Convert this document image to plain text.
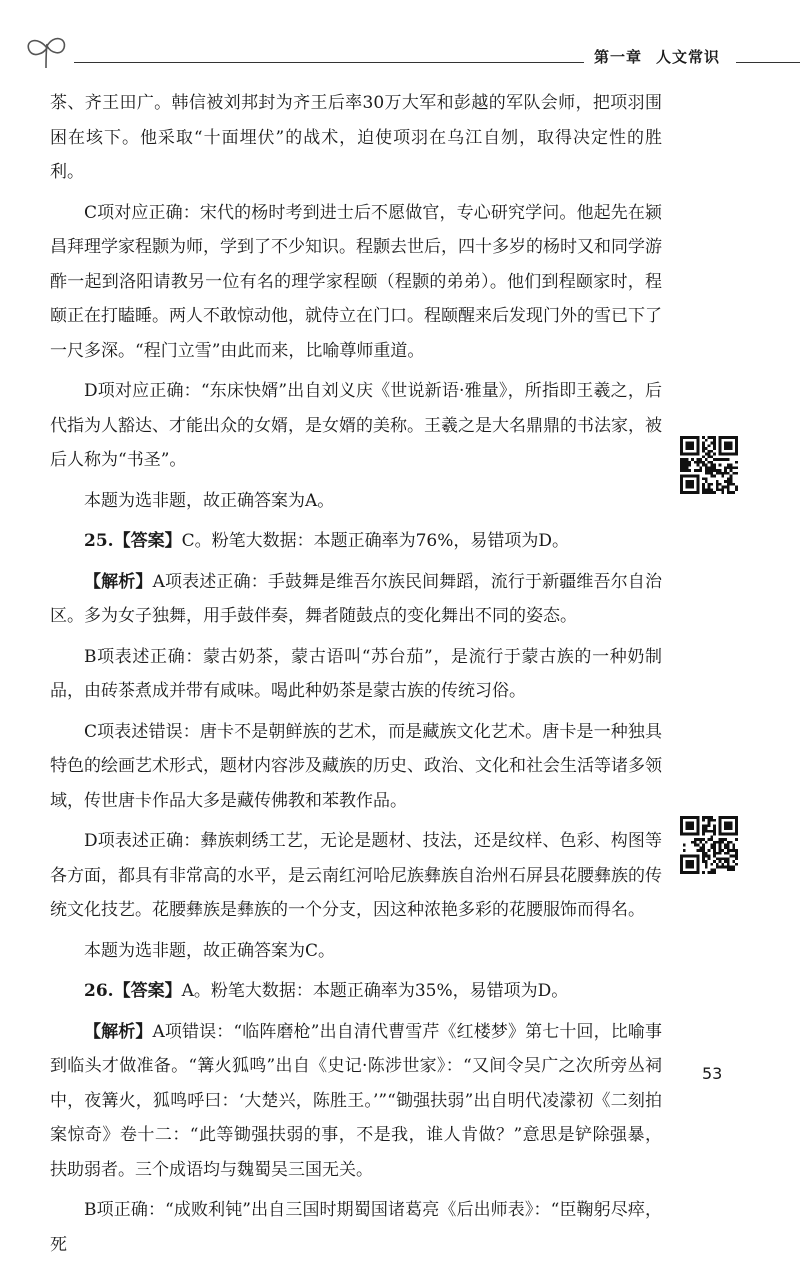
第一章 人文常识

茶、齐王田广。韩信被刘邦封为齐王后率30万大军和彭越的军队会师，把项羽围困在垓下。他采取“十面埋伏”的战术，迫使项羽在乌江自刎，取得决定性的胜利。

C项对应正确：宋代的杨时考到进士后不愿做官，专心研究学问。他起先在颍昌拜理学家程颢为师，学到了不少知识。程颢去世后，四十多岁的杨时又和同学游酢一起到洛阳请教另一位有名的理学家程颐（程颢的弟弟）。他们到程颐家时，程颐正在打瞌睡。两人不敢惊动他，就侍立在门口。程颐醒来后发现门外的雪已下了一尺多深。“程门立雪”由此而来，比喻尊师重道。

D项对应正确：“东床快婿”出自刘义庆《世说新语·雅量》，所指即王羲之，后代指为人豁达、才能出众的女婿，是女婿的美称。王羲之是大名鼎鼎的书法家，被后人称为“书圣”。

本题为选非题，故正确答案为A。

25.【答案】C。粉笔大数据：本题正确率为76%，易错项为D。

【解析】A项表述正确：手鼓舞是维吾尔族民间舞蹈，流行于新疆维吾尔自治区。多为女子独舞，用手鼓伴奏，舞者随鼓点的变化舞出不同的姿态。

B项表述正确：蒙古奶茶，蒙古语叫“苏台茄”，是流行于蒙古族的一种奶制品，由砖茶煮成并带有咸味。喝此种奶茶是蒙古族的传统习俗。

C项表述错误：唐卡不是朝鲜族的艺术，而是藏族文化艺术。唐卡是一种独具特色的绘画艺术形式，题材内容涉及藏族的历史、政治、文化和社会生活等诸多领域，传世唐卡作品大多是藏传佛教和苯教作品。

D项表述正确：彝族刺绣工艺，无论是题材、技法，还是纹样、色彩、构图等各方面，都具有非常高的水平，是云南红河哈尼族彝族自治州石屏县花腰彝族的传统文化技艺。花腰彝族是彝族的一个分支，因这种浓艳多彩的花腰服饰而得名。

本题为选非题，故正确答案为C。

26.【答案】A。粉笔大数据：本题正确率为35%，易错项为D。

【解析】A项错误：“临阵磨枪”出自清代曹雪芹《红楼梦》第七十回，比喻事到临头才做准备。“篝火狐鸣”出自《史记·陈涉世家》：“又间令吴广之次所旁丛祠中，夜篝火，狐鸣呼曰：‘大楚兴，陈胜王。’”“锄强扶弱”出自明代凌濛初《二刻拍案惊奇》卷十二：“此等锄强扶弱的事，不是我，谁人肯做？”意思是铲除强暴，扶助弱者。三个成语均与魏蜀吴三国无关。

B项正确：“成败利钝”出自三国时期蜀国诸葛亮《后出师表》：“臣鞠躬尽瘁，死

53
